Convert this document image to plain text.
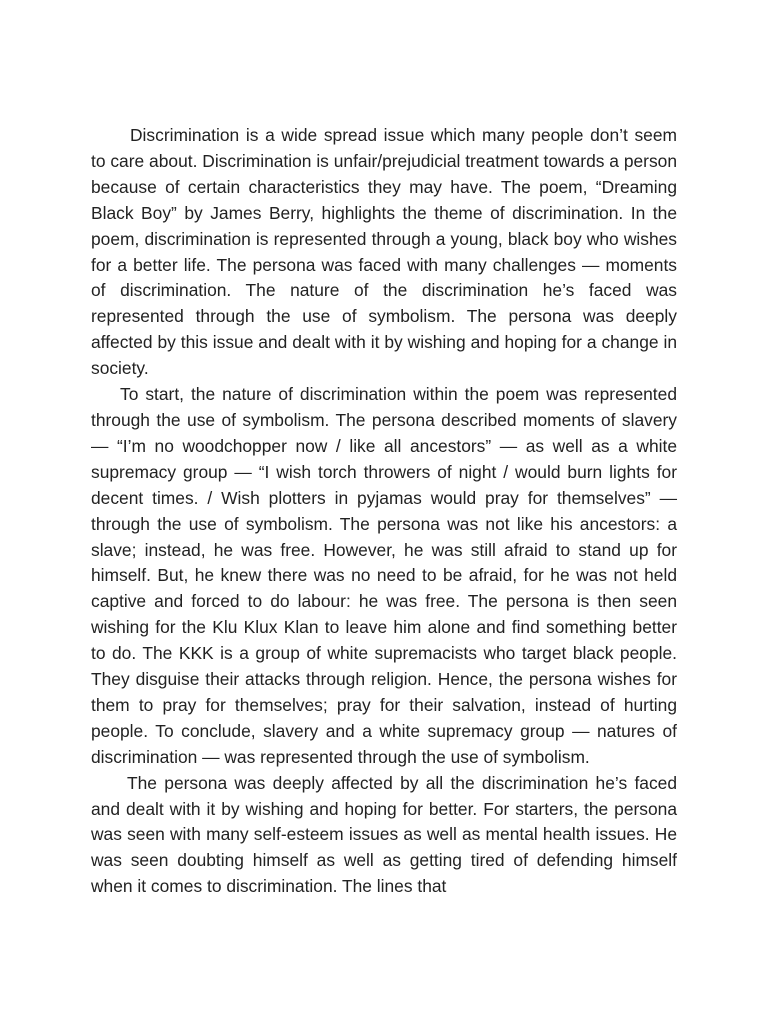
Discrimination is a wide spread issue which many people don’t seem to care about. Discrimination is unfair/prejudicial treatment towards a person because of certain characteristics they may have. The poem, “Dreaming Black Boy” by James Berry, highlights the theme of discrimination. In the poem, discrimination is represented through a young, black boy who wishes for a better life. The persona was faced with many challenges — moments of discrimination. The nature of the discrimination he’s faced was represented through the use of symbolism. The persona was deeply affected by this issue and dealt with it by wishing and hoping for a change in society.

To start, the nature of discrimination within the poem was represented through the use of symbolism. The persona described moments of slavery — “I’m no woodchopper now / like all ancestors” — as well as a white supremacy group — “I wish torch throwers of night / would burn lights for decent times. / Wish plotters in pyjamas would pray for themselves” — through the use of symbolism. The persona was not like his ancestors: a slave; instead, he was free. However, he was still afraid to stand up for himself. But, he knew there was no need to be afraid, for he was not held captive and forced to do labour: he was free. The persona is then seen wishing for the Klu Klux Klan to leave him alone and find something better to do. The KKK is a group of white supremacists who target black people. They disguise their attacks through religion. Hence, the persona wishes for them to pray for themselves; pray for their salvation, instead of hurting people. To conclude, slavery and a white supremacy group — natures of discrimination — was represented through the use of symbolism.

The persona was deeply affected by all the discrimination he’s faced and dealt with it by wishing and hoping for better. For starters, the persona was seen with many self-esteem issues as well as mental health issues. He was seen doubting himself as well as getting tired of defending himself when it comes to discrimination. The lines that
